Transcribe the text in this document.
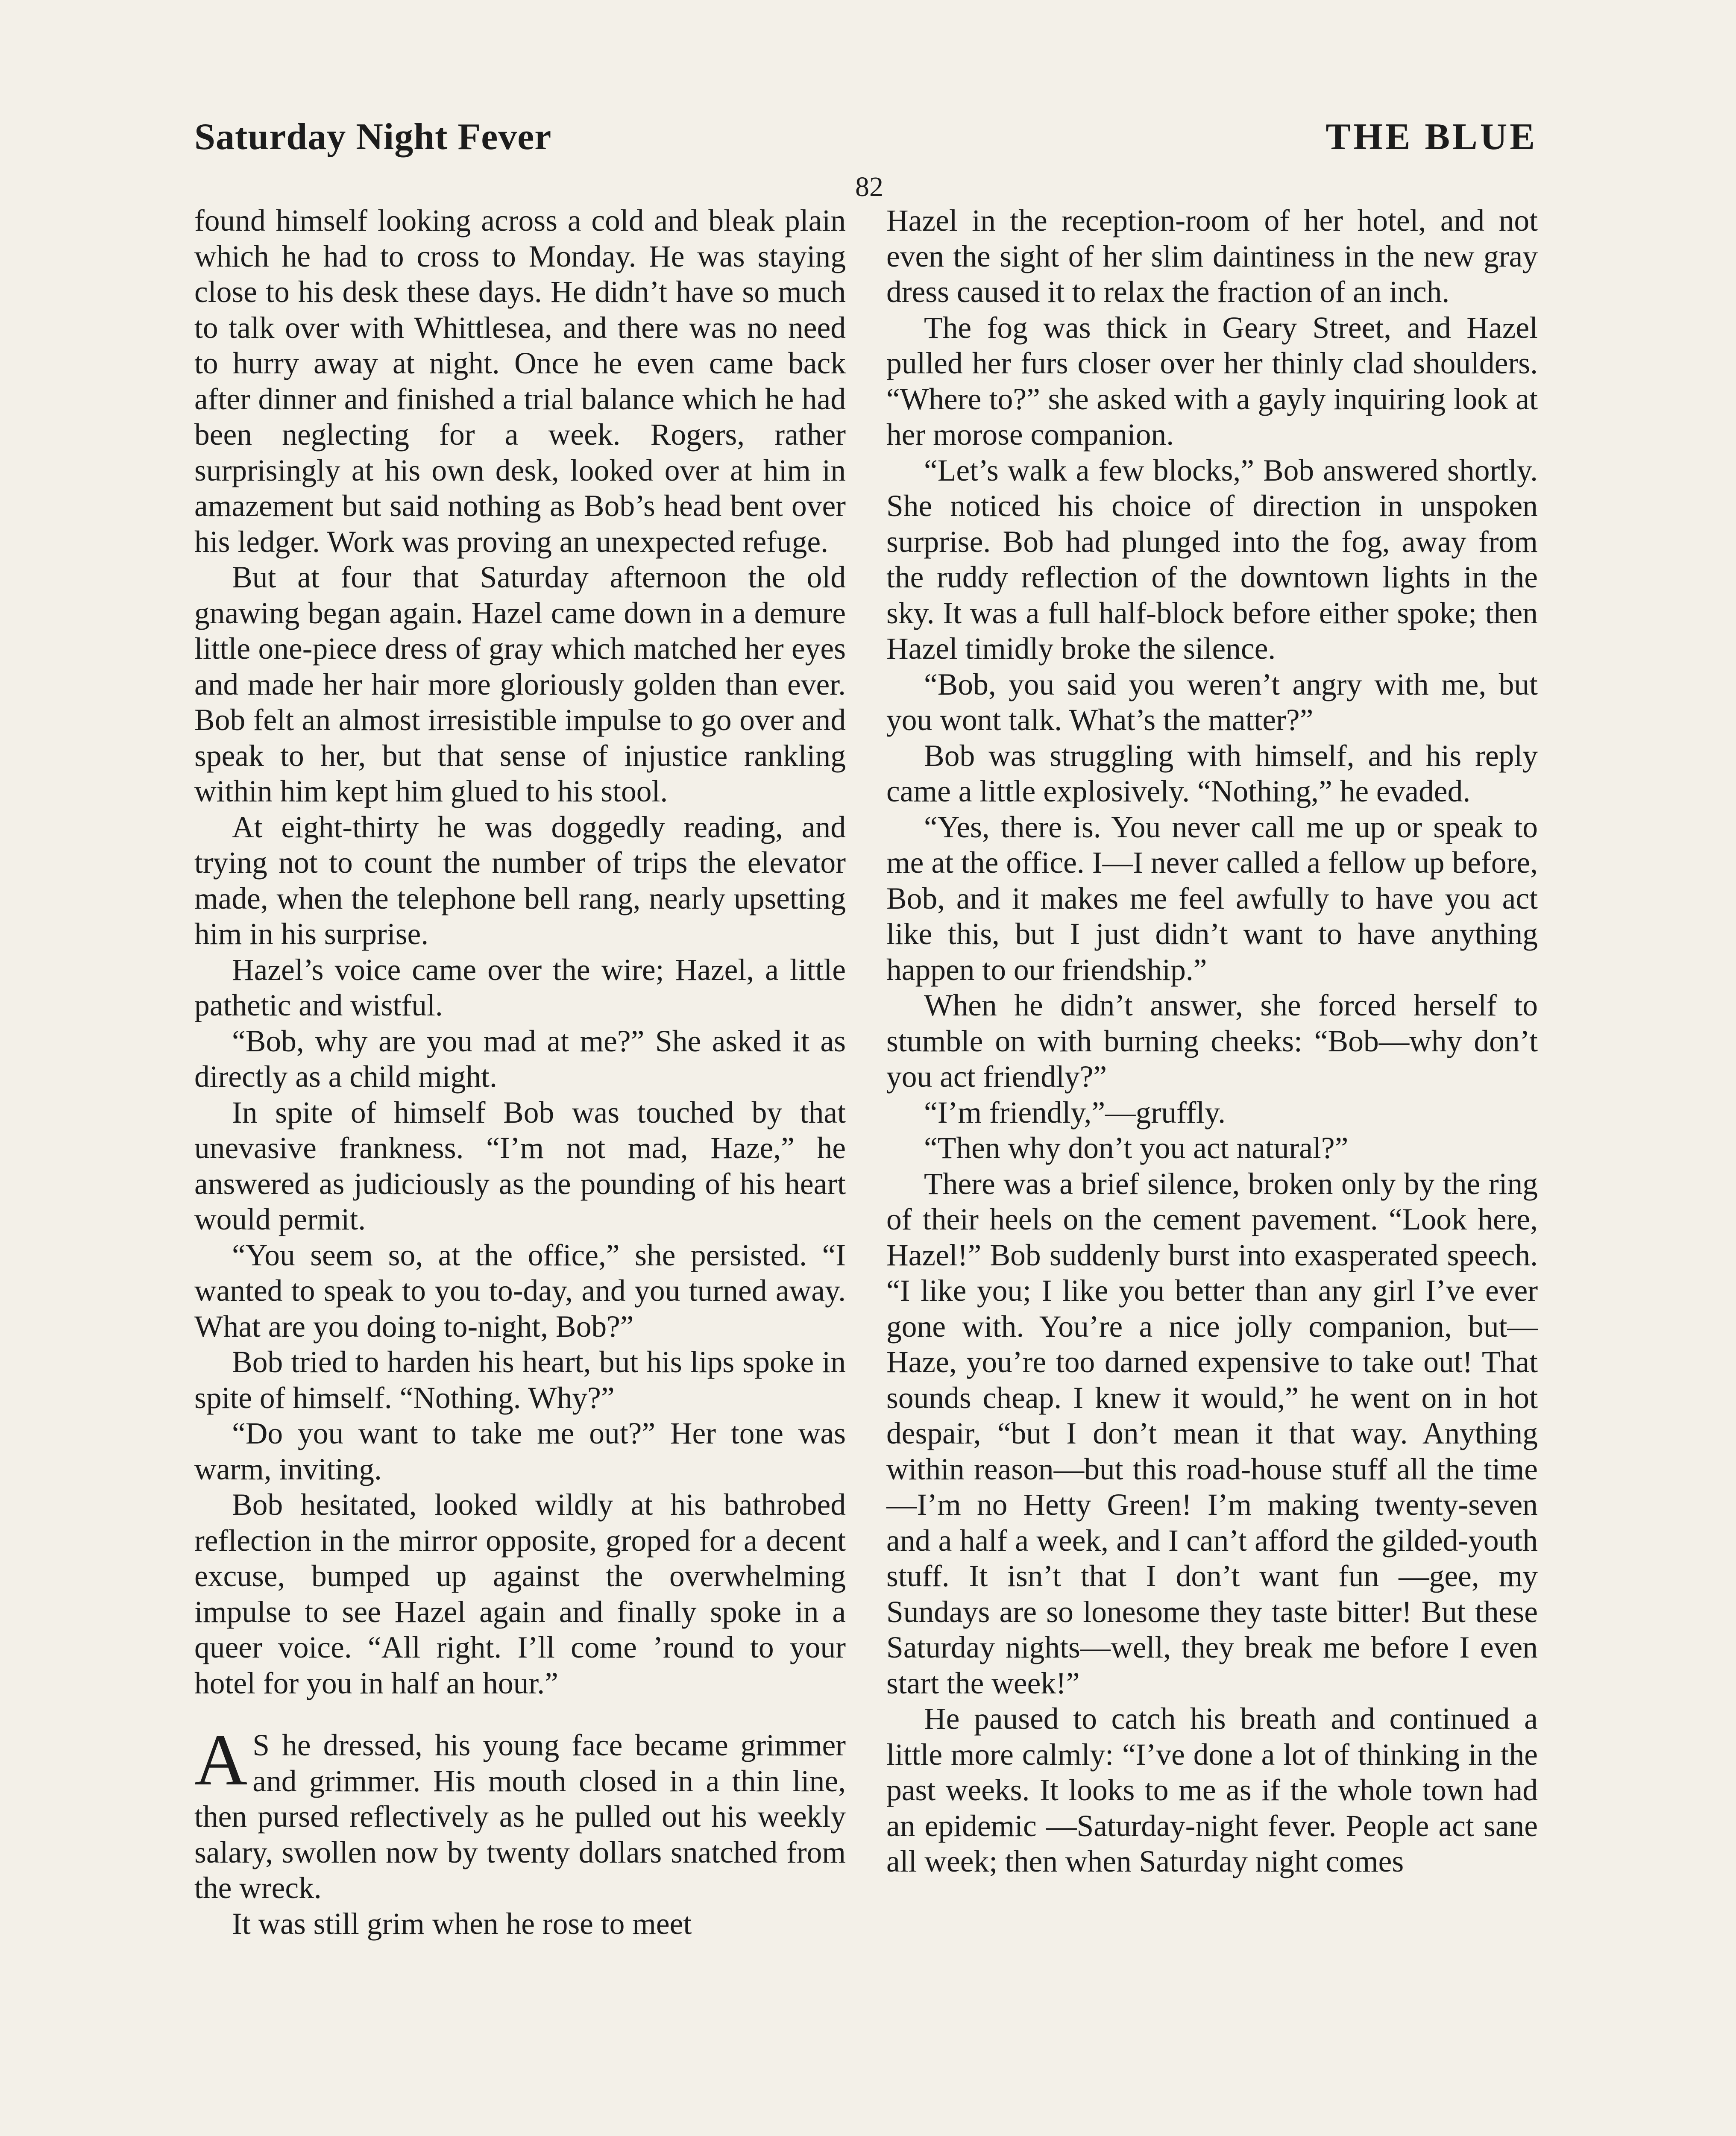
Saturday Night Fever	THE BLUE
82

found himself looking across a cold and bleak plain which he had to cross to Monday. He was staying close to his desk these days. He didn’t have so much to talk over with Whittlesea, and there was no need to hurry away at night. Once he even came back after dinner and finished a trial balance which he had been neglecting for a week. Rogers, rather surprisingly at his own desk, looked over at him in amazement but said nothing as Bob’s head bent over his ledger. Work was proving an unexpected refuge.

But at four that Saturday afternoon the old gnawing began again. Hazel came down in a demure little one-piece dress of gray which matched her eyes and made her hair more gloriously golden than ever. Bob felt an almost irresistible impulse to go over and speak to her, but that sense of injustice rankling within him kept him glued to his stool.

At eight-thirty he was doggedly reading, and trying not to count the number of trips the elevator made, when the telephone bell rang, nearly upsetting him in his surprise.

Hazel’s voice came over the wire; Hazel, a little pathetic and wistful.

“Bob, why are you mad at me?” She asked it as directly as a child might.

In spite of himself Bob was touched by that unevasive frankness. “I’m not mad, Haze,” he answered as judiciously as the pounding of his heart would permit.

“You seem so, at the office,” she persisted. “I wanted to speak to you to-day, and you turned away. What are you doing to-night, Bob?”

Bob tried to harden his heart, but his lips spoke in spite of himself. “Nothing. Why?”

“Do you want to take me out?” Her tone was warm, inviting.

Bob hesitated, looked wildly at his bathrobed reflection in the mirror opposite, groped for a decent excuse, bumped up against the overwhelming impulse to see Hazel again and finally spoke in a queer voice. “All right. I’ll come ’round to your hotel for you in half an hour.”

A S he dressed, his young face became grimmer and grimmer. His mouth closed in a thin line, then pursed reflectively as he pulled out his weekly salary, swollen now by twenty dollars snatched from the wreck.

It was still grim when he rose to meet

Hazel in the reception-room of her hotel, and not even the sight of her slim daintiness in the new gray dress caused it to relax the fraction of an inch.

The fog was thick in Geary Street, and Hazel pulled her furs closer over her thinly clad shoulders. “Where to?” she asked with a gayly inquiring look at her morose companion.

“Let’s walk a few blocks,” Bob answered shortly. She noticed his choice of direction in unspoken surprise. Bob had plunged into the fog, away from the ruddy reflection of the downtown lights in the sky. It was a full half-block before either spoke; then Hazel timidly broke the silence.

“Bob, you said you weren’t angry with me, but you wont talk. What’s the matter?”

Bob was struggling with himself, and his reply came a little explosively. “Nothing,” he evaded.

“Yes, there is. You never call me up or speak to me at the office. I—I never called a fellow up before, Bob, and it makes me feel awfully to have you act like this, but I just didn’t want to have anything happen to our friendship.”

When he didn’t answer, she forced herself to stumble on with burning cheeks: “Bob—why don’t you act friendly?”

“I’m friendly,”—gruffly.

“Then why don’t you act natural?”

There was a brief silence, broken only by the ring of their heels on the cement pavement. “Look here, Hazel!” Bob suddenly burst into exasperated speech. “I like you; I like you better than any girl I’ve ever gone with. You’re a nice jolly companion, but—Haze, you’re too darned expensive to take out! That sounds cheap. I knew it would,” he went on in hot despair, “but I don’t mean it that way. Anything within reason—but this road-house stuff all the time—I’m no Hetty Green! I’m making twenty-seven and a half a week, and I can’t afford the gilded-youth stuff. It isn’t that I don’t want fun —gee, my Sundays are so lonesome they taste bitter! But these Saturday nights—well, they break me before I even start the week!”

He paused to catch his breath and continued a little more calmly: “I’ve done a lot of thinking in the past weeks. It looks to me as if the whole town had an epidemic —Saturday-night fever. People act sane all week; then when Saturday night comes
